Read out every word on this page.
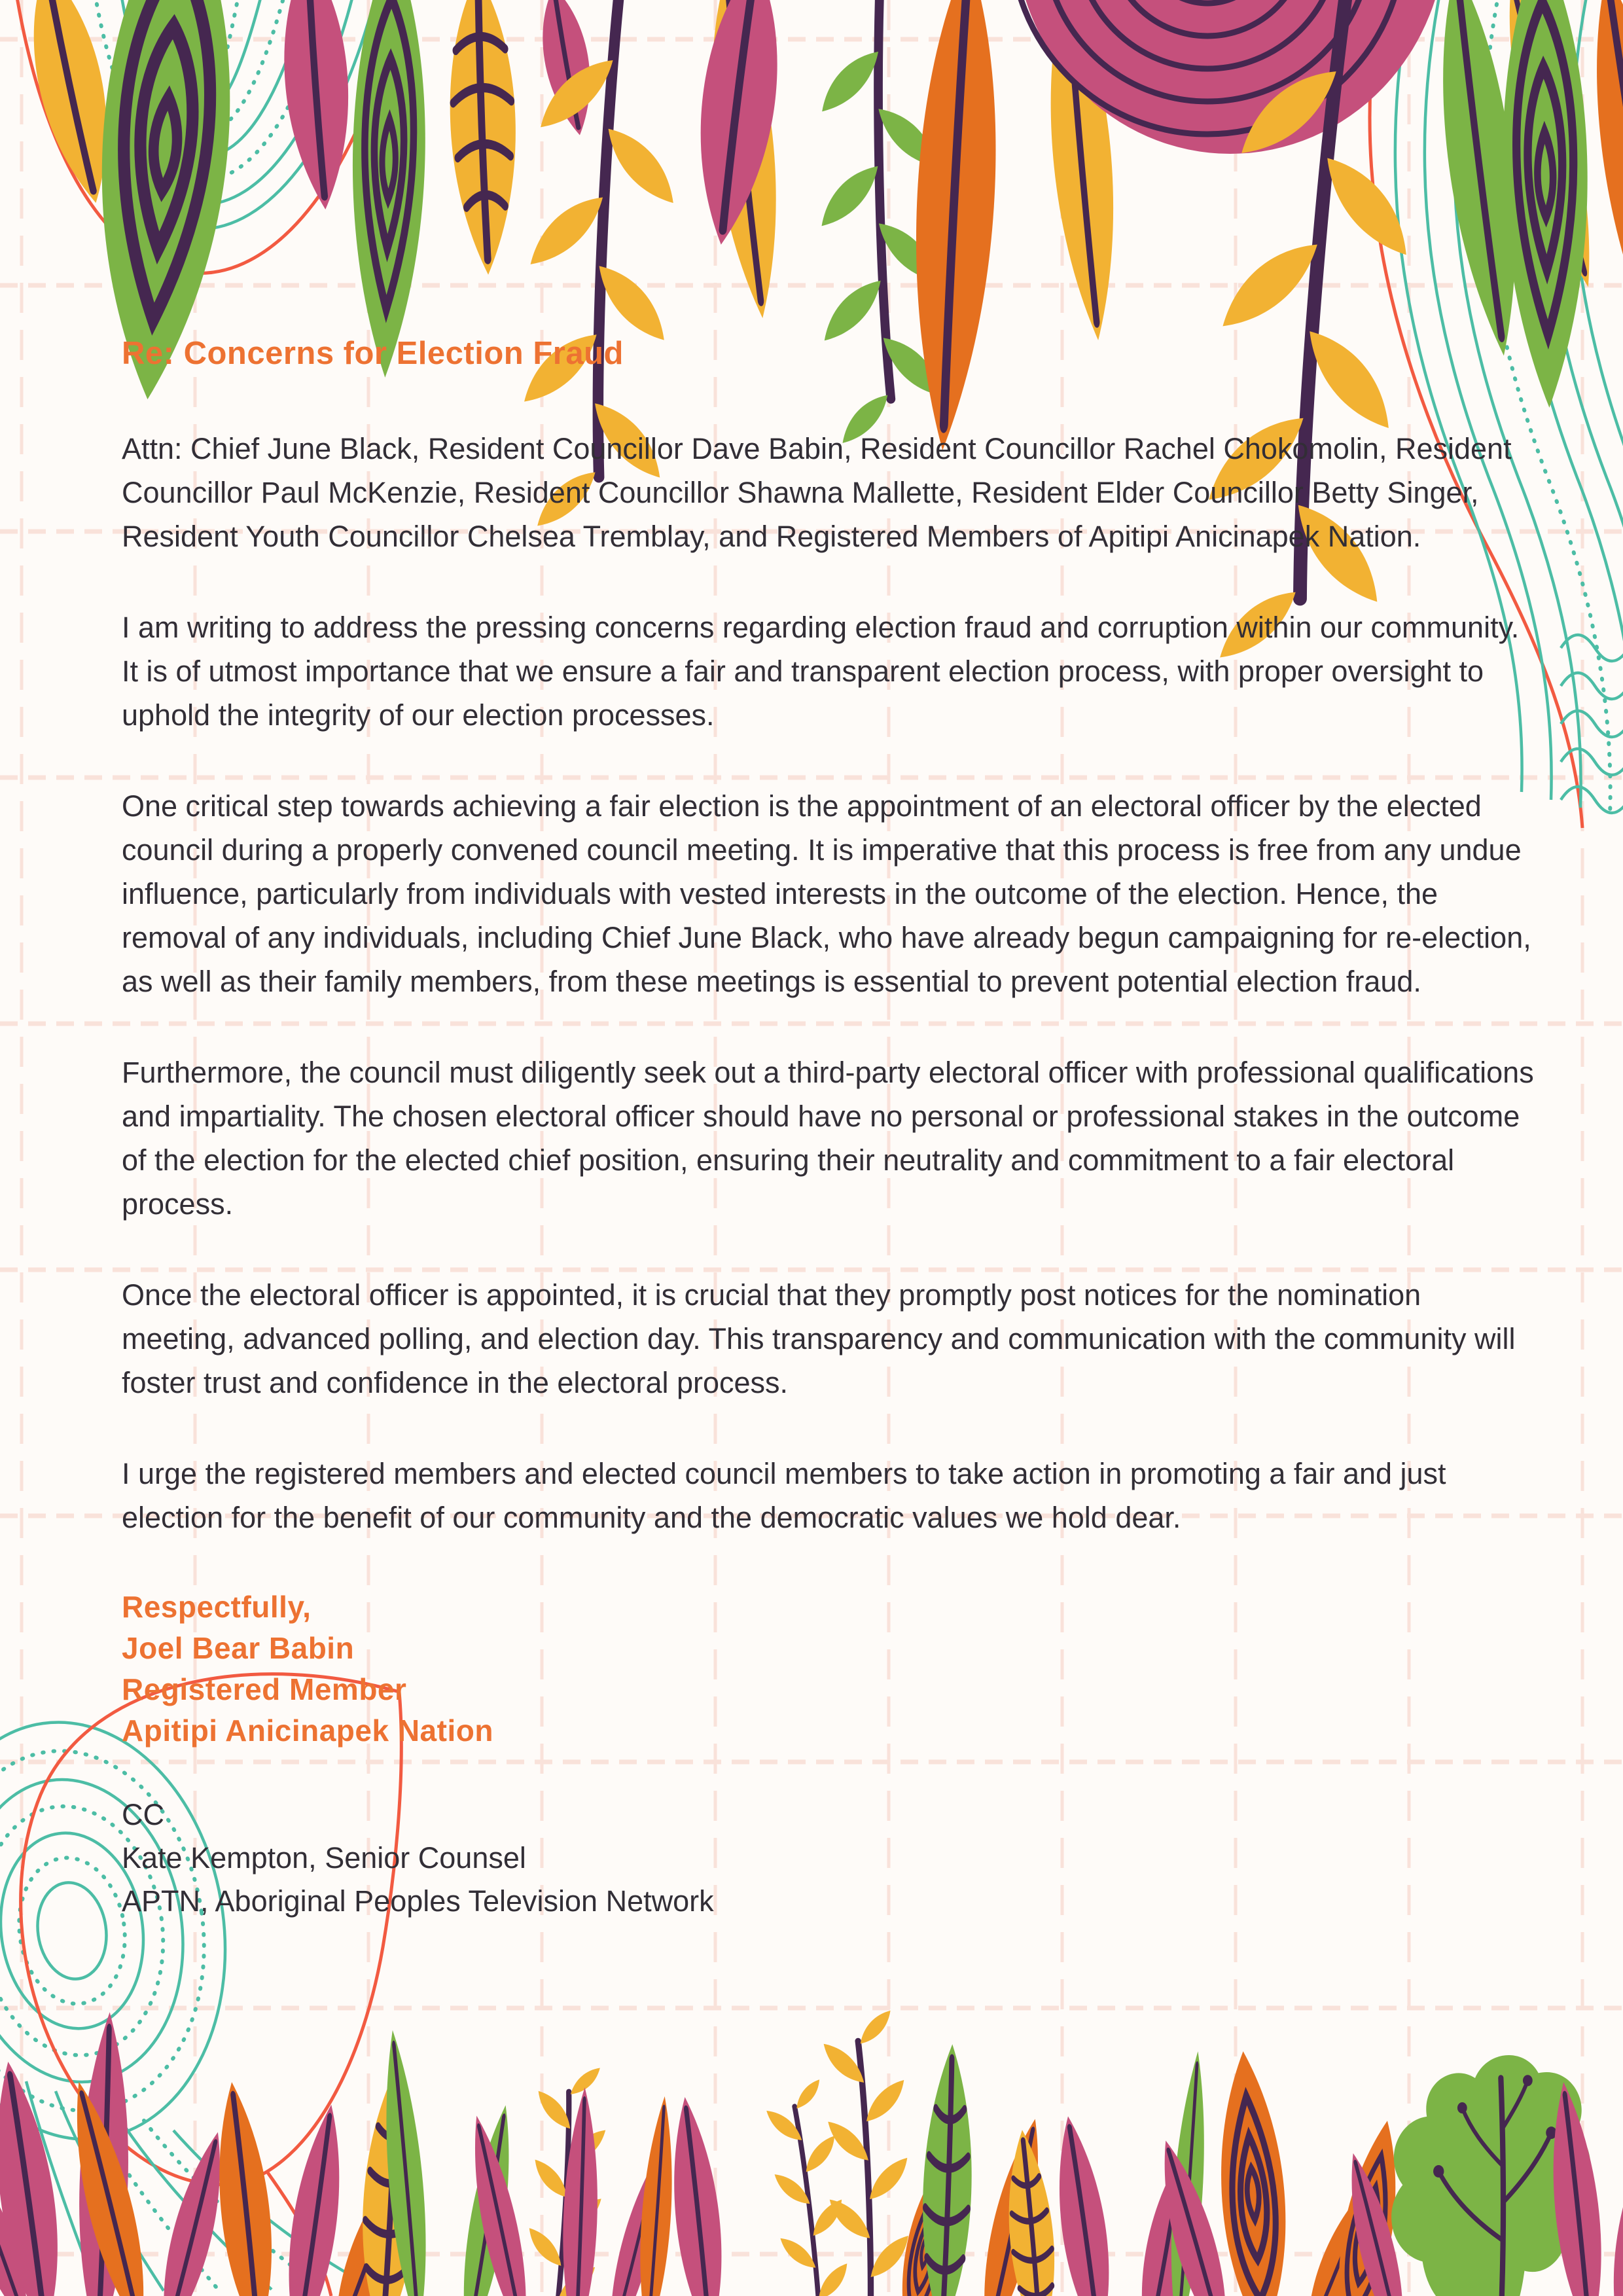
Re: Concerns for Election Fraud

Attn: Chief June Black, Resident Councillor Dave Babin, Resident Councillor Rachel Chokomolin, Resident Councillor Paul McKenzie, Resident Councillor Shawna Mallette, Resident Elder Councillor Betty Singer, Resident Youth Councillor Chelsea Tremblay, and Registered Members of Apitipi Anicinapek Nation.

I am writing to address the pressing concerns regarding election fraud and corruption within our community. It is of utmost importance that we ensure a fair and transparent election process, with proper oversight to uphold the integrity of our election processes.

One critical step towards achieving a fair election is the appointment of an electoral officer by the elected council during a properly convened council meeting. It is imperative that this process is free from any undue influence, particularly from individuals with vested interests in the outcome of the election. Hence, the removal of any individuals, including Chief June Black, who have already begun campaigning for re-election, as well as their family members, from these meetings is essential to prevent potential election fraud.

Furthermore, the council must diligently seek out a third-party electoral officer with professional qualifications and impartiality. The chosen electoral officer should have no personal or professional stakes in the outcome of the election for the elected chief position, ensuring their neutrality and commitment to a fair electoral process.

Once the electoral officer is appointed, it is crucial that they promptly post notices for the nomination meeting, advanced polling, and election day. This transparency and communication with the community will foster trust and confidence in the electoral process.

I urge the registered members and elected council members to take action in promoting a fair and just election for the benefit of our community and the democratic values we hold dear.

Respectfully,
Joel Bear Babin
Registered Member
Apitipi Anicinapek Nation
CC
Kate Kempton, Senior Counsel
APTN, Aboriginal Peoples Television Network
